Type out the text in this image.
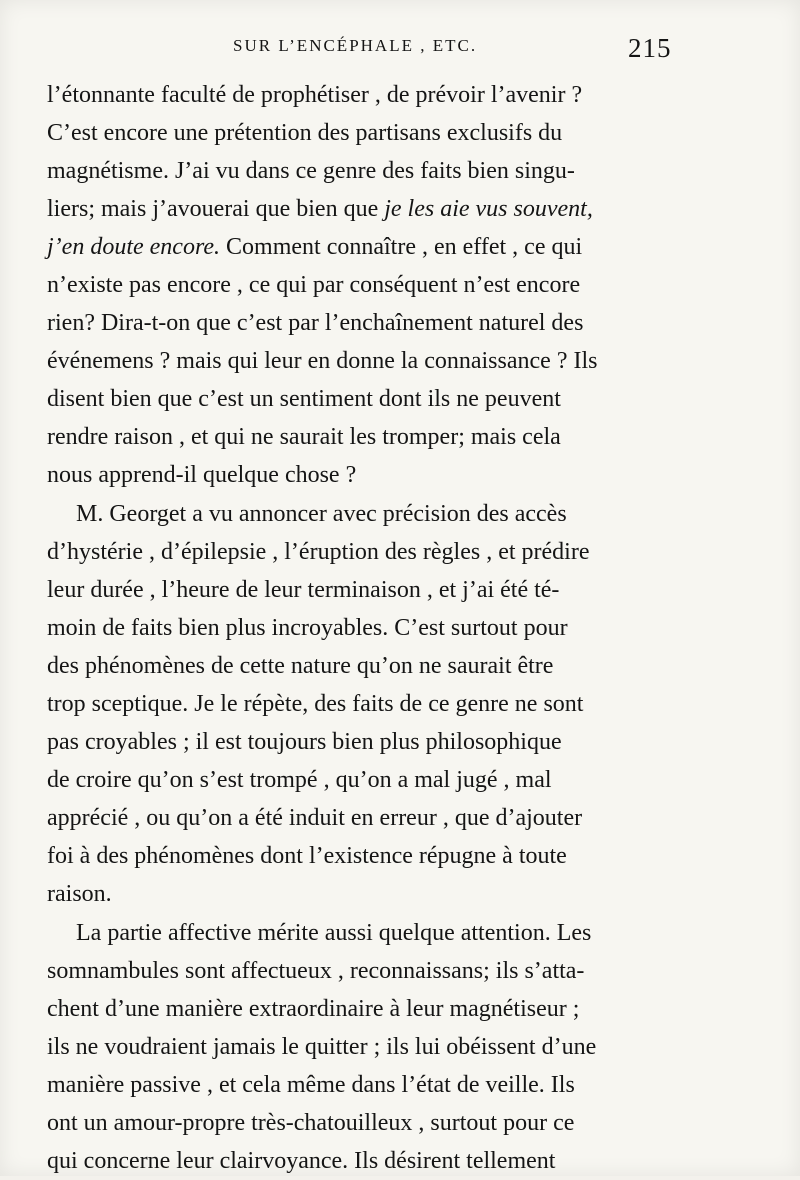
SUR L’ENCÉPHALE , ETC.	215
l’étonnante faculté de prophétiser , de prévoir l’avenir ?
C’est encore une prétention des partisans exclusifs du
magnétisme. J’ai vu dans ce genre des faits bien singu-
liers; mais j’avouerai que bien que je les aie vus souvent,
j’en doute encore. Comment connaître , en effet , ce qui
n’existe pas encore , ce qui par conséquent n’est encore
rien? Dira-t-on que c’est par l’enchaînement naturel des
événemens ? mais qui leur en donne la connaissance ? Ils
disent bien que c’est un sentiment dont ils ne peuvent
rendre raison , et qui ne saurait les tromper; mais cela
nous apprend-il quelque chose ?
M. Georget a vu annoncer avec précision des accès
d’hystérie , d’épilepsie , l’éruption des règles , et prédire
leur durée , l’heure de leur terminaison , et j’ai été té-
moin de faits bien plus incroyables. C’est surtout pour
des phénomènes de cette nature qu’on ne saurait être
trop sceptique. Je le répète, des faits de ce genre ne sont
pas croyables ; il est toujours bien plus philosophique
de croire qu’on s’est trompé , qu’on a mal jugé , mal
apprécié , ou qu’on a été induit en erreur , que d’ajouter
foi à des phénomènes dont l’existence répugne à toute
raison.
La partie affective mérite aussi quelque attention. Les
somnambules sont affectueux , reconnaissans; ils s’atta-
chent d’une manière extraordinaire à leur magnétiseur ;
ils ne voudraient jamais le quitter ; ils lui obéissent d’une
manière passive , et cela même dans l’état de veille. Ils
ont un amour-propre très-chatouilleux , surtout pour ce
qui concerne leur clairvoyance. Ils désirent tellement
